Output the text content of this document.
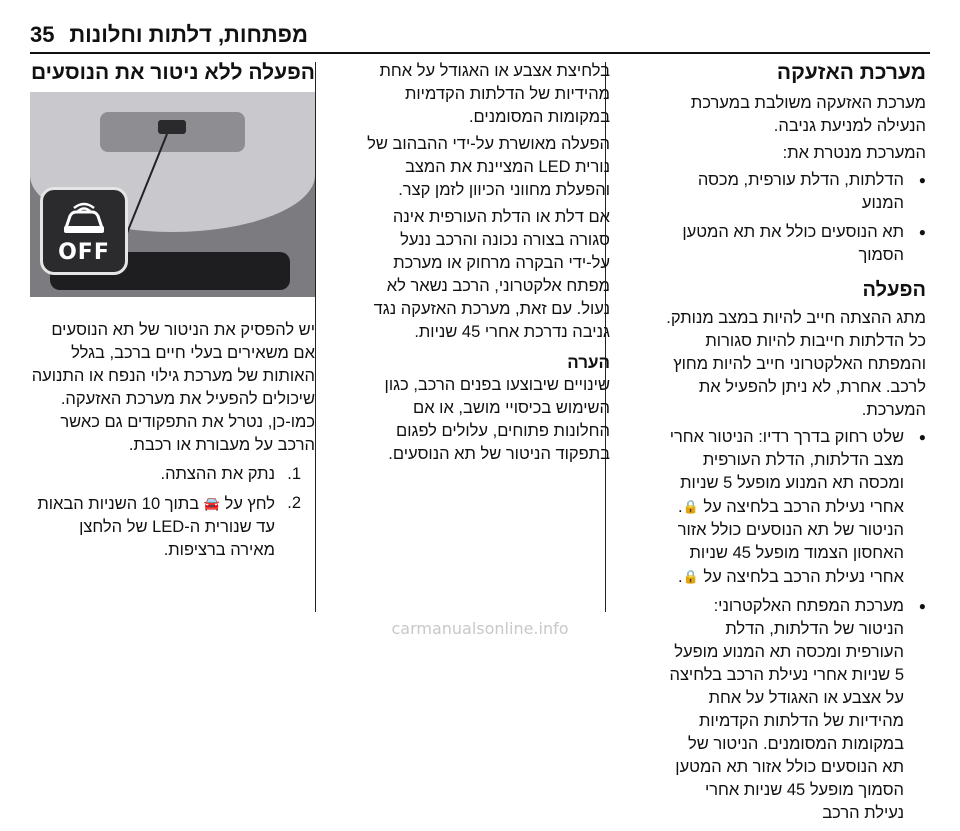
35 מפתחות, דלתות וחלונות
מערכת האזעקה

מערכת האזעקה משולבת במערכת הנעילה למניעת גניבה.

המערכת מנטרת את:

● הדלתות, הדלת עורפית, מכסה המנוע
● תא הנוסעים כולל את תא המטען הסמוך
הפעלה

מתג ההצתה חייב להיות במצב מנותק. כל הדלתות חייבות להיות סגורות והמפתח האלקטרוני חייב להיות מחוץ לרכב. אחרת, לא ניתן להפעיל את המערכת.

● שלט רחוק בדרך רדיו: הניטור אחרי מצב הדלתות, הדלת העורפית ומכסה תא המנוע מופעל 5 שניות אחרי נעילת הרכב בלחיצה על 🔒. הניטור של תא הנוסעים כולל אזור האחסון הצמוד מופעל 45 שניות אחרי נעילת הרכב בלחיצה על 🔒.
● מערכת המפתח האלקטרוני: הניטור של הדלתות, הדלת העורפית ומכסה תא המנוע מופעל 5 שניות אחרי נעילת הרכב בלחיצה על אצבע או האגודל על אחת מהידיות של הדלתות הקדמיות במקומות המסומנים. הניטור של תא הנוסעים כולל אזור תא המטען הסמוך מופעל 45 שניות אחרי נעילת הרכב

בלחיצת אצבע או האגודל על אחת מהידיות של הדלתות הקדמיות במקומות המסומנים.

הפעלה מאושרת על-ידי ההבהוב של נורית LED המציינת את המצב והפעלת מחווני הכיוון לזמן קצר.

אם דלת או הדלת העורפית אינה סגורה בצורה נכונה והרכב ננעל על-ידי הבקרה מרחוק או מערכת מפתח אלקטרוני, הרכב נשאר לא נעול. עם זאת, מערכת האזעקה נגד גניבה נדרכת אחרי 45 שניות.

הערה

שינויים שיבוצעו בפנים הרכב, כגון השימוש בכיסויי מושב, או אם החלונות פתוחים, עלולים לפגום בתפקוד הניטור של תא הנוסעים.

הפעלה ללא ניטור את הנוסעים
OFF

יש להפסיק את הניטור של תא הנוסעים אם משאירים בעלי חיים ברכב, בגלל האותות של מערכת גילוי הנפח או התנועה שיכולים להפעיל את מערכת האזעקה. כמו-כן, נטרל את התפקודים גם כאשר הרכב על מעבורת או רכבת.

1.
נתק את ההצתה.
2.
לחץ על 🚘 בתוך 10 השניות הבאות עד שנורית ה-LED של הלחצן מאירה ברציפות.
carmanualsonline.info
